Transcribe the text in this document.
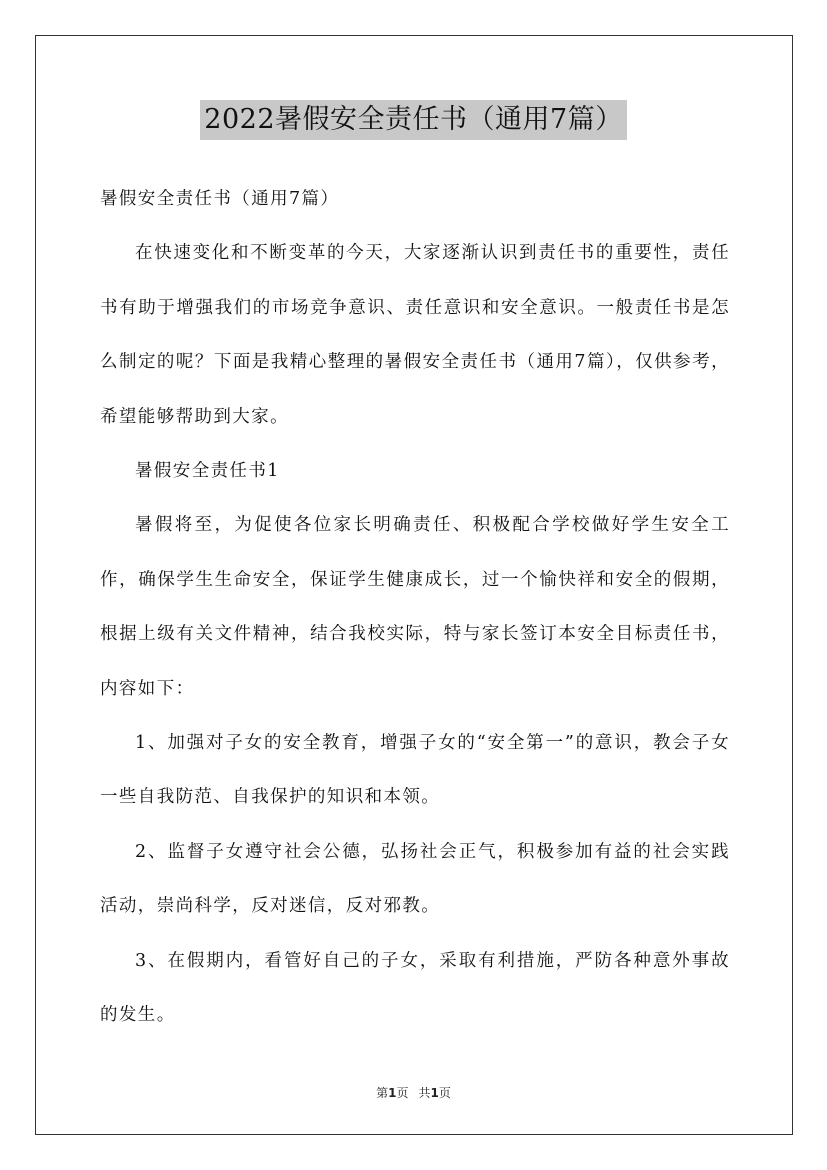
2022暑假安全责任书（通用7篇）

暑假安全责任书（通用7篇）

在快速变化和不断变革的今天，大家逐渐认识到责任书的重要性，责任书有助于增强我们的市场竞争意识、责任意识和安全意识。一般责任书是怎么制定的呢？下面是我精心整理的暑假安全责任书（通用7篇），仅供参考，希望能够帮助到大家。

暑假安全责任书1

暑假将至，为促使各位家长明确责任、积极配合学校做好学生安全工作，确保学生生命安全，保证学生健康成长，过一个愉快祥和安全的假期，根据上级有关文件精神，结合我校实际，特与家长签订本安全目标责任书，内容如下：

1、加强对子女的安全教育，增强子女的“安全第一”的意识，教会子女一些自我防范、自我保护的知识和本领。

2、监督子女遵守社会公德，弘扬社会正气，积极参加有益的社会实践活动，崇尚科学，反对迷信，反对邪教。

3、在假期内，看管好自己的子女，采取有利措施，严防各种意外事故的发生。

第1页 共1页
